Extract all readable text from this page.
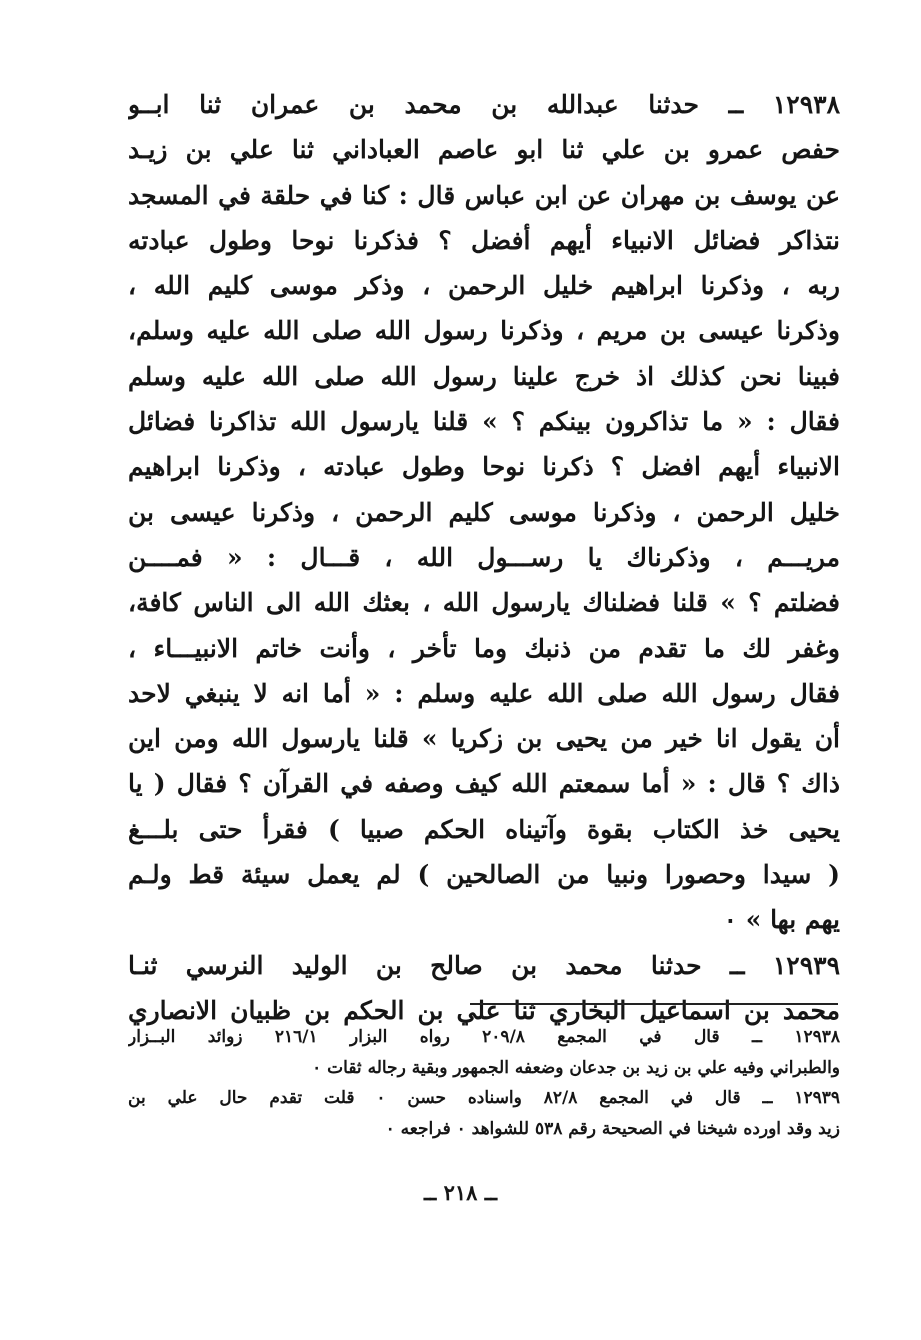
١٢٩٣٨ ــ حدثنا عبدالله بن محمد بن عمران ثنا ابــو
حفص عمرو بن علي ثنا ابو عاصم العباداني ثنا علي بن زيـد
عن يوسف بن مهران عن ابن عباس قال : كنا في حلقة في المسجد
نتذاكر فضائل الانبياء أيهم أفضل ؟ فذكرنا نوحا وطول عبادته
ربه ، وذكرنا ابراهيم خليل الرحمن ، وذكر موسى كليم الله ،
وذكرنا عيسى بن مريم ، وذكرنا رسول الله صلى الله عليه وسلم،
فبينا نحن كذلك اذ خرج علينا رسول الله صلى الله عليه وسلم
فقال : « ما تذاكرون بينكم ؟ » قلنا يارسول الله تذاكرنا فضائل
الانبياء أيهم افضل ؟ ذكرنا نوحا وطول عبادته ، وذكرنا ابراهيم
خليل الرحمن ، وذكرنا موسى كليم الرحمن ، وذكرنا عيسى بن
مريـــم ، وذكرناك يا رســـول الله ، قـــال : « فمــــن
فضلتم ؟ » قلنا فضلناك يارسول الله ، بعثك الله الى الناس كافة،
وغفر لك ما تقدم من ذنبك وما تأخر ، وأنت خاتم الانبيـــاء ،
فقال رسول الله صلى الله عليه وسلم : « أما انه لا ينبغي لاحد
أن يقول انا خير من يحيى بن زكريا » قلنا يارسول الله ومن اين
ذاك ؟ قال : « أما سمعتم الله كيف وصفه في القرآن ؟ فقال ( يا
يحيى خذ الكتاب بقوة وآتيناه الحكم صبيا ) فقرأ حتى بلـــغ
( سيدا وحصورا ونبيا من الصالحين ) لم يعمل سيئة قط ولـم
يهم بها » ٠
١٢٩٣٩ ــ حدثنا محمد بن صالح بن الوليد النرسي ثنـا
محمد بن اسماعيل البخاري ثنا علي بن الحكم بن ظبيان الانصاري
١٢٩٣٨ ــ قال في المجمع ٢٠٩/٨ رواه البزار ٢١٦/١ زوائد البــزار
والطبراني وفيه علي بن زيد بن جدعان وضعفه الجمهور وبقية رجاله ثقات ٠
١٢٩٣٩ ــ قال في المجمع ٨٢/٨ واسناده حسن ٠ قلت تقدم حال علي بن
زيد وقد اورده شيخنا في الصحيحة رقم ٥٣٨ للشواهد ٠ فراجعه ٠
ــ ٢١٨ ــ
